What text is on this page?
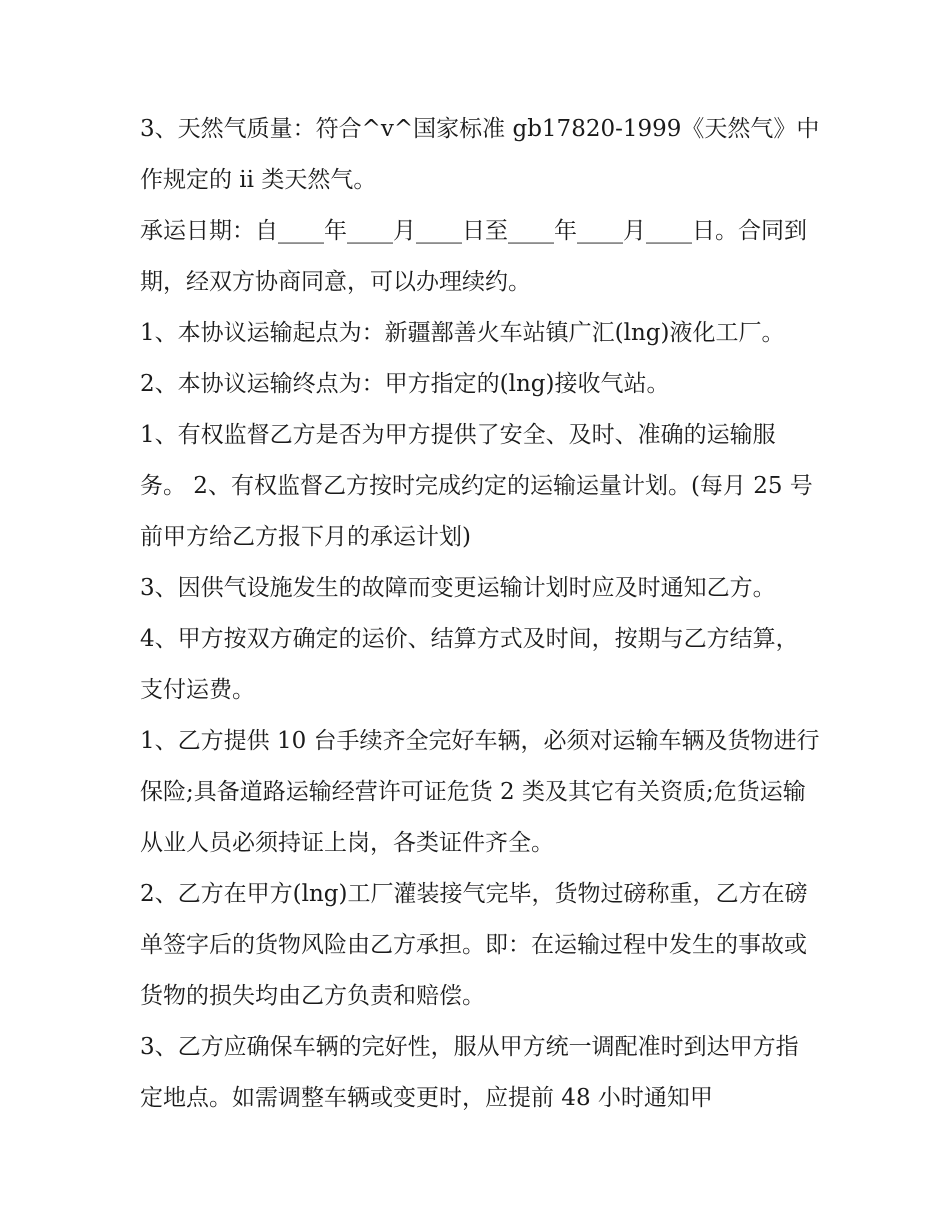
3、天然气质量：符合^v^国家标准 gb17820-1999《天然气》中作规定的 ii 类天然气。

承运日期：自____年____月____日至____年____月____日。合同到期，经双方协商同意，可以办理续约。

1、本协议运输起点为：新疆鄯善火车站镇广汇(lng)液化工厂。 2、本协议运输终点为：甲方指定的(lng)接收气站。

1、有权监督乙方是否为甲方提供了安全、及时、准确的运输服务。 2、有权监督乙方按时完成约定的运输运量计划。(每月 25 号前甲方给乙方报下月的承运计划)

3、因供气设施发生的故障而变更运输计划时应及时通知乙方。 4、甲方按双方确定的运价、结算方式及时间，按期与乙方结算，支付运费。

1、乙方提供 10 台手续齐全完好车辆，必须对运输车辆及货物进行保险;具备道路运输经营许可证危货 2 类及其它有关资质;危货运输从业人员必须持证上岗，各类证件齐全。

2、乙方在甲方(lng)工厂灌装接气完毕，货物过磅称重，乙方在磅单签字后的货物风险由乙方承担。即：在运输过程中发生的事故或货物的损失均由乙方负责和赔偿。

3、乙方应确保车辆的完好性，服从甲方统一调配准时到达甲方指定地点。如需调整车辆或变更时，应提前 48 小时通知甲
